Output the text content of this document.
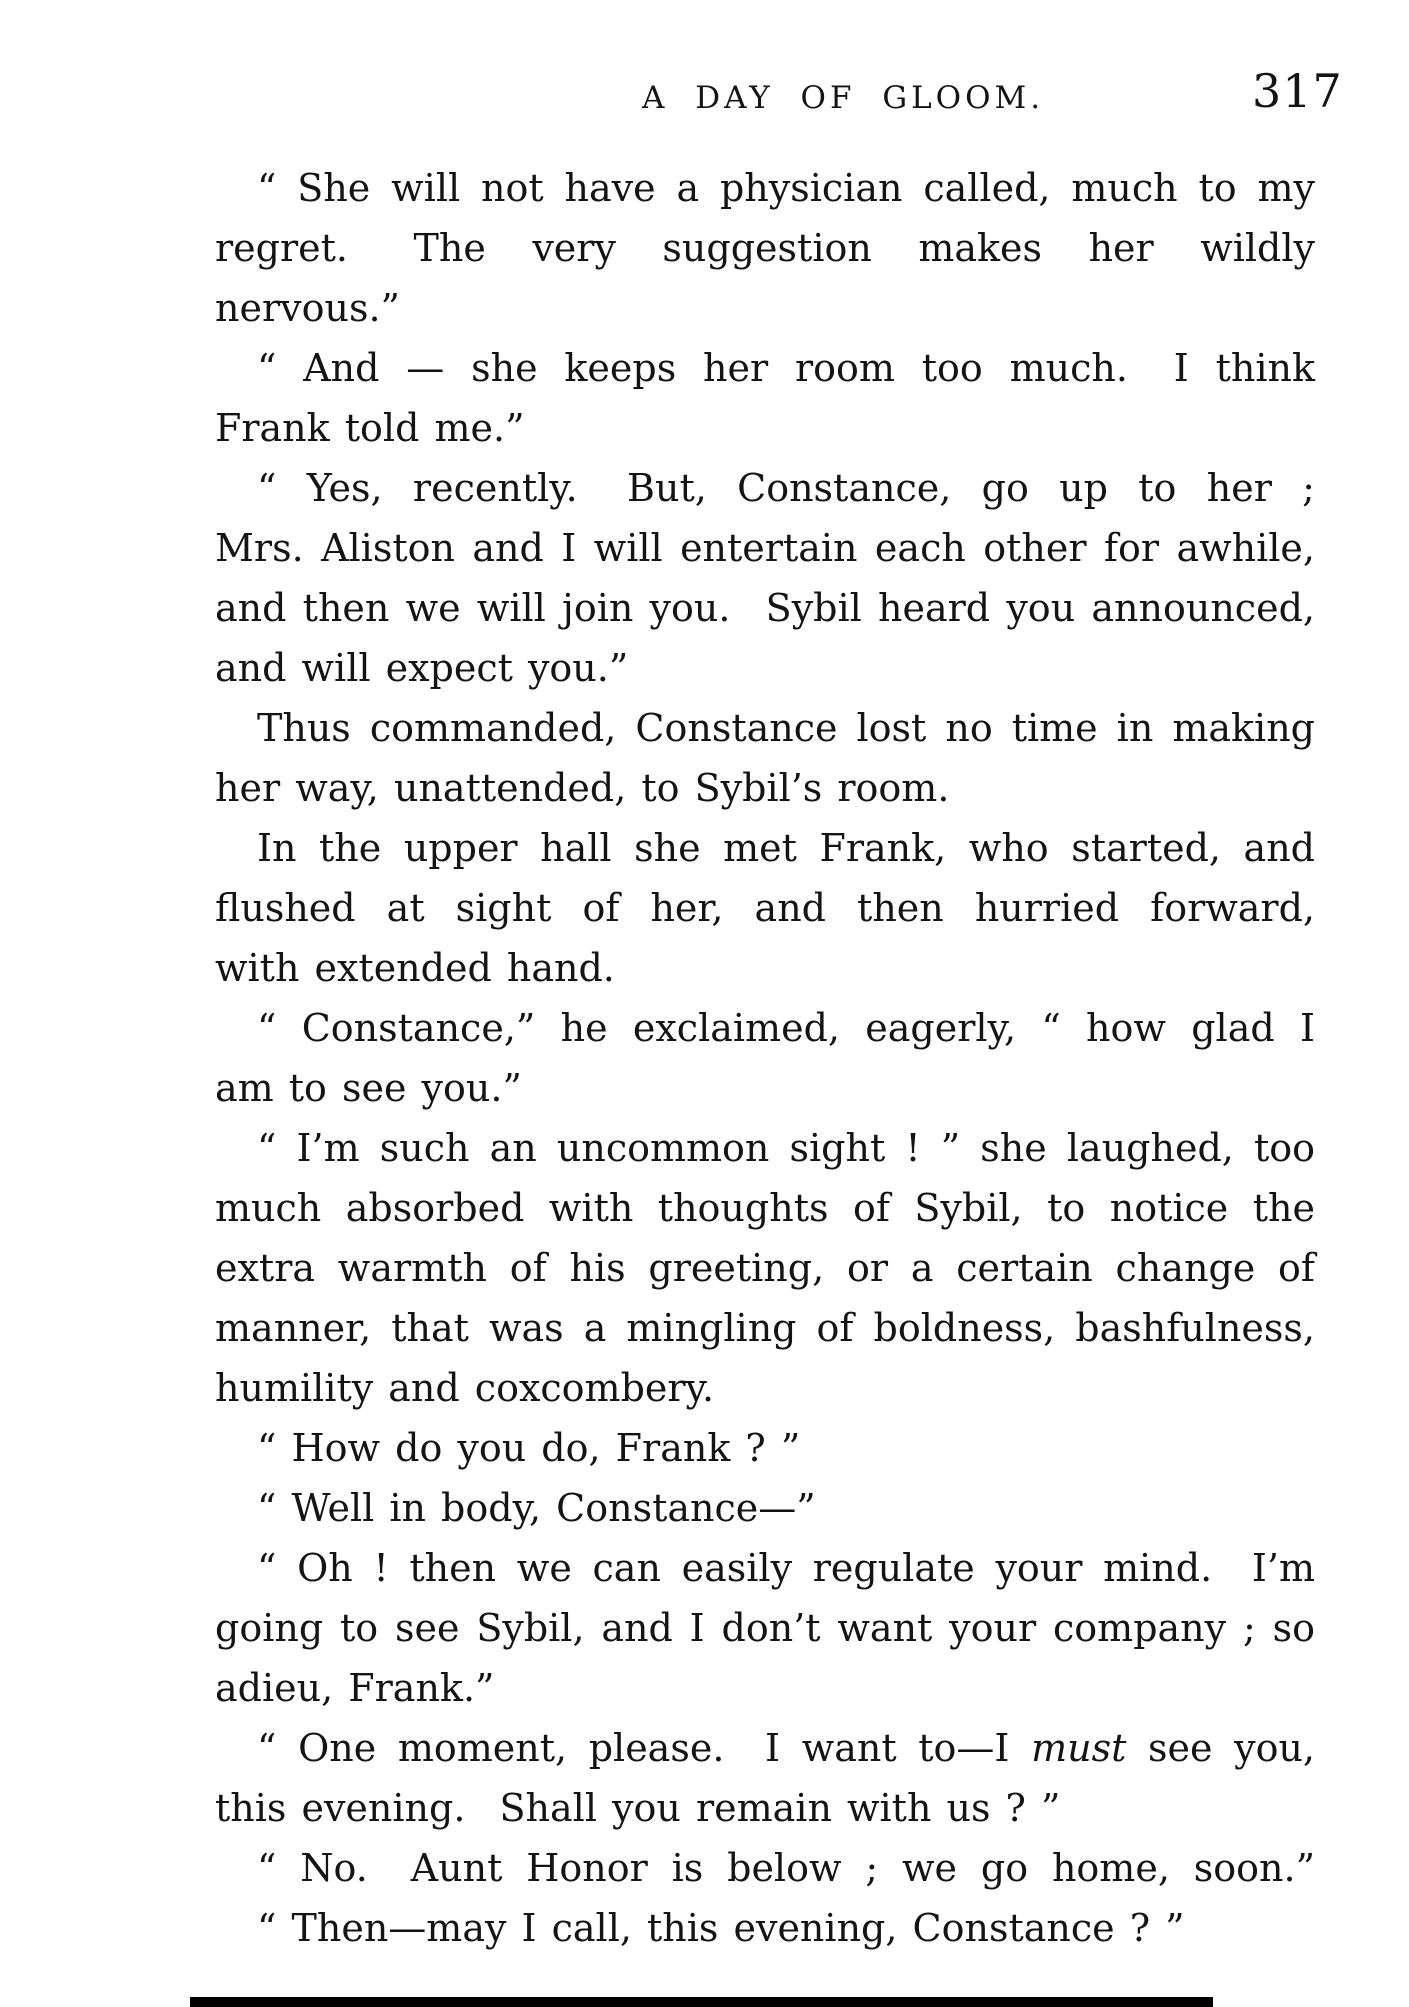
A DAY OF GLOOM.	317
“ She will not have a physician called, much to my
regret.  The very suggestion makes her wildly
nervous.”
“ And — she keeps her room too much.  I think
Frank told me.”
“ Yes, recently.  But, Constance, go up to her ;
Mrs. Aliston and I will entertain each other for awhile,
and then we will join you.  Sybil heard you announced,
and will expect you.”
Thus commanded, Constance lost no time in making
her way, unattended, to Sybil’s room.
In the upper hall she met Frank, who started, and
flushed at sight of her, and then hurried forward,
with extended hand.
“ Constance,” he exclaimed, eagerly, “ how glad I
am to see you.”
“ I’m such an uncommon sight ! ” she laughed, too
much absorbed with thoughts of Sybil, to notice the
extra warmth of his greeting, or a certain change of
manner, that was a mingling of boldness, bashfulness,
humility and coxcombery.
“ How do you do, Frank ? ”
“ Well in body, Constance—”
“ Oh ! then we can easily regulate your mind.  I’m
going to see Sybil, and I don’t want your company ; so
adieu, Frank.”
“ One moment, please.  I want to—I must see you,
this evening.  Shall you remain with us ? ”
“ No.  Aunt Honor is below ; we go home, soon.”
“ Then—may I call, this evening, Constance ? ”
